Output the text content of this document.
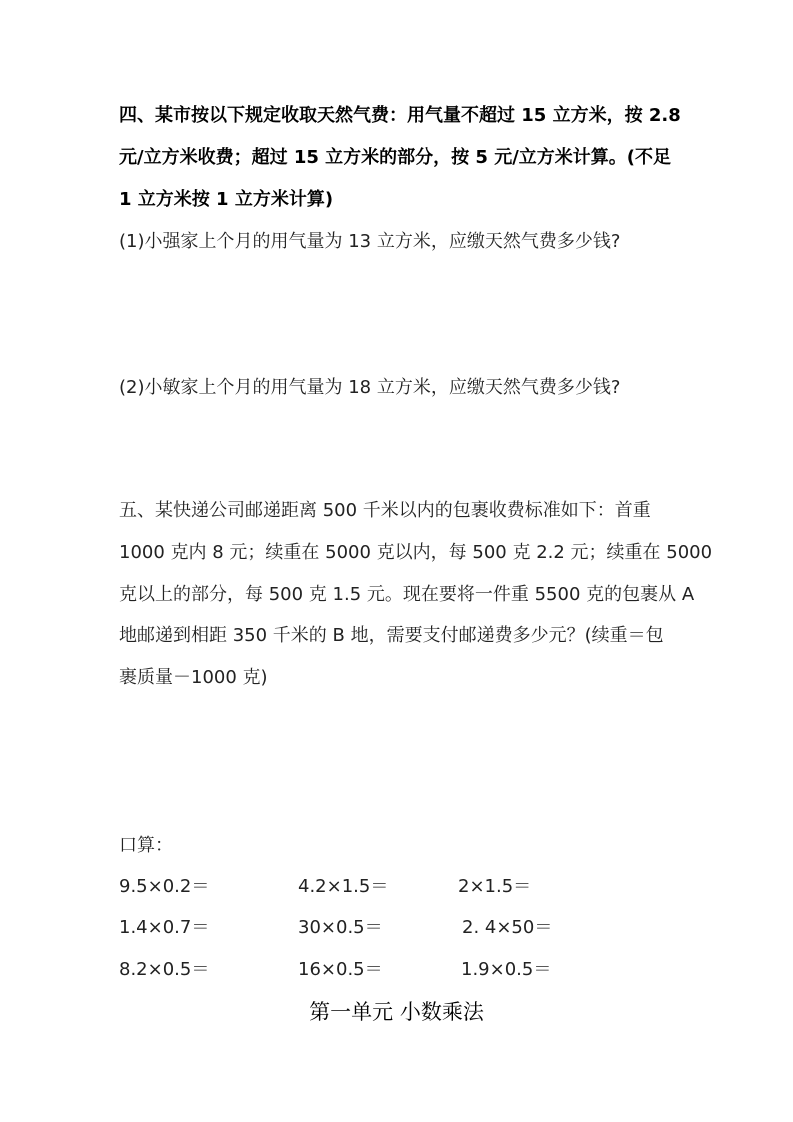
四、某市按以下规定收取天然气费：用气量不超过 15 立方米，按 2.8
元/立方米收费；超过 15 立方米的部分，按 5 元/立方米计算。(不足
1 立方米按 1 立方米计算)
(1)小强家上个月的用气量为 13 立方米，应缴天然气费多少钱?
(2)小敏家上个月的用气量为 18 立方米，应缴天然气费多少钱?
五、某快递公司邮递距离 500 千米以内的包裹收费标准如下：首重
1000 克内 8 元；续重在 5000 克以内，每 500 克 2.2 元；续重在 5000
克以上的部分，每 500 克 1.5 元。现在要将一件重 5500 克的包裹从 A
地邮递到相距 350 千米的 B 地，需要支付邮递费多少元？(续重＝包
裹质量－1000 克)
口算：
9.5×0.2＝	4.2×1.5＝	2×1.5＝
1.4×0.7＝	30×0.5＝	2. 4×50＝
8.2×0.5＝	16×0.5＝	1.9×0.5＝
第一单元 小数乘法
